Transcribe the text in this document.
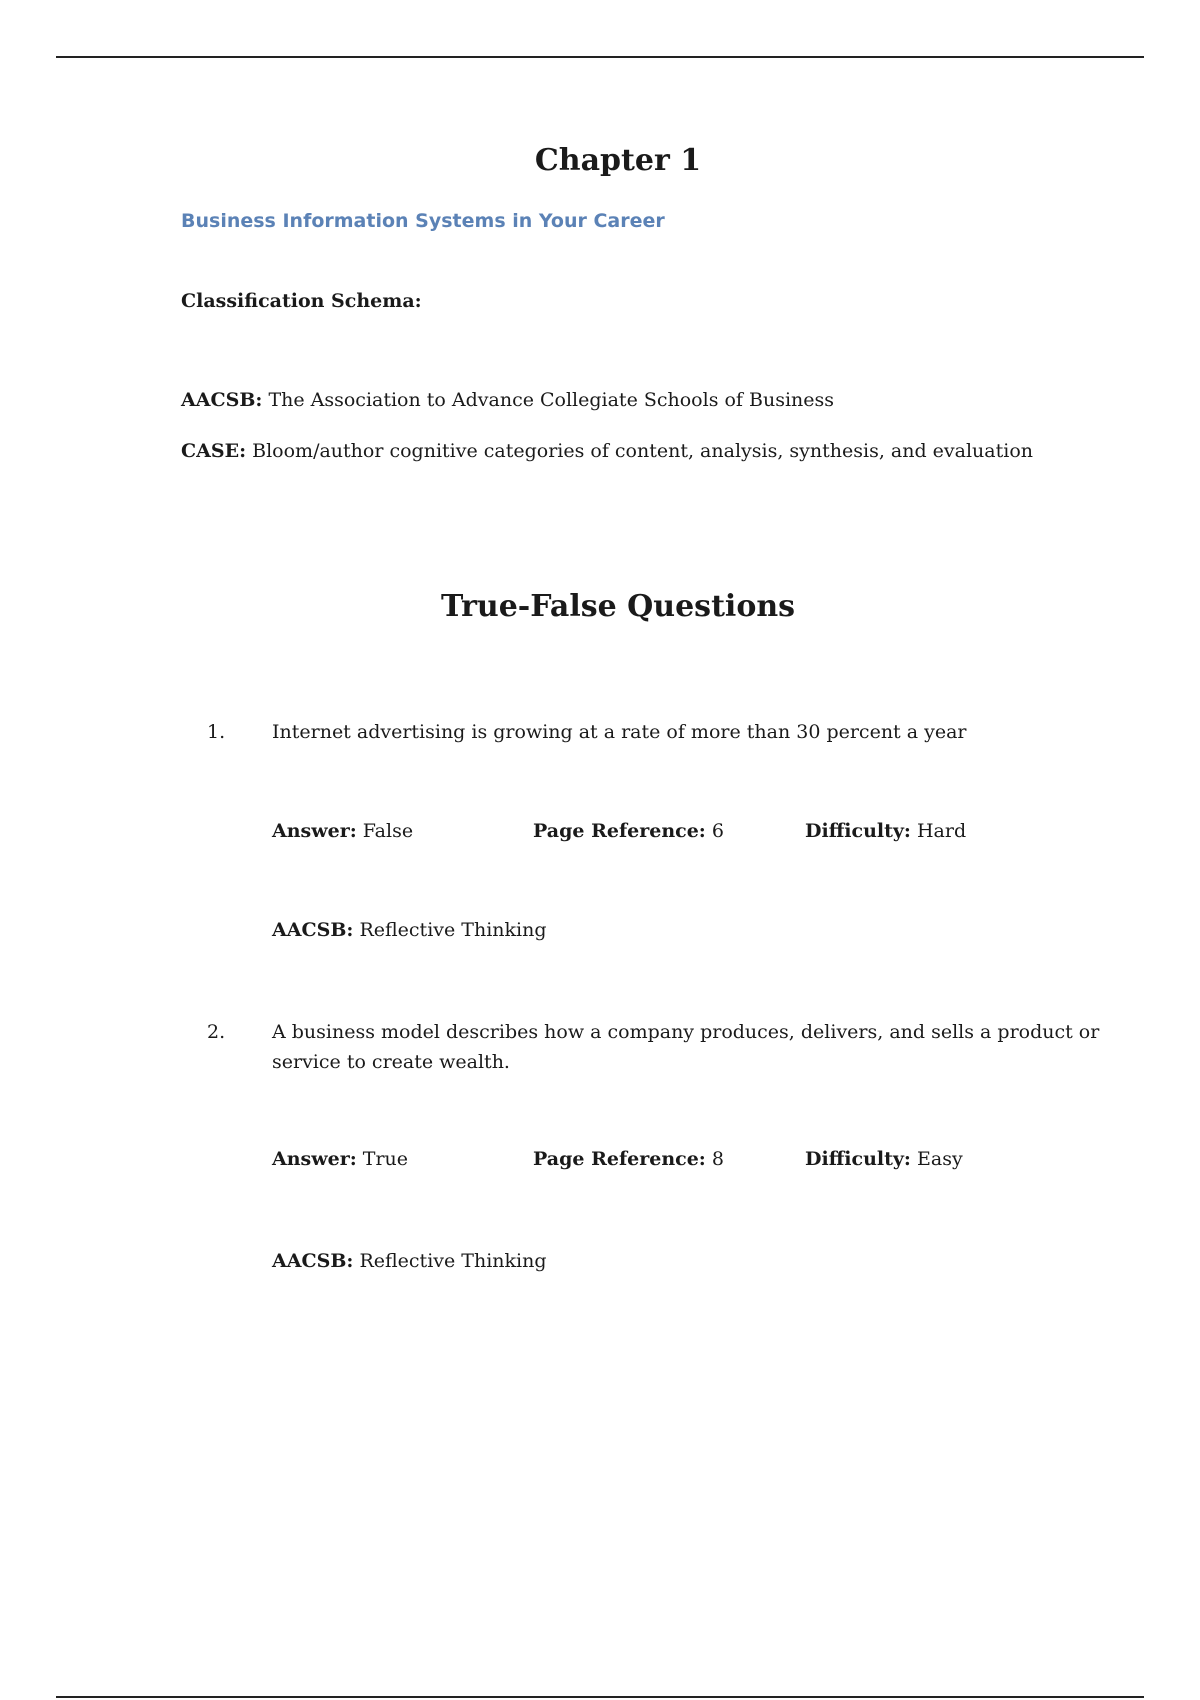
Chapter 1

Business Information Systems in Your Career

Classification Schema:

AACSB: The Association to Advance Collegiate Schools of Business

CASE: Bloom/author cognitive categories of content, analysis, synthesis, and evaluation

True-False Questions
1. Internet advertising is growing at a rate of more than 30 percent a year

Answer: False	Page Reference: 6	Difficulty: Hard
AACSB: Reflective Thinking
2. A business model describes how a company produces, delivers, and sells a product or service to create wealth.

Answer: True	Page Reference: 8	Difficulty: Easy
AACSB: Reflective Thinking
